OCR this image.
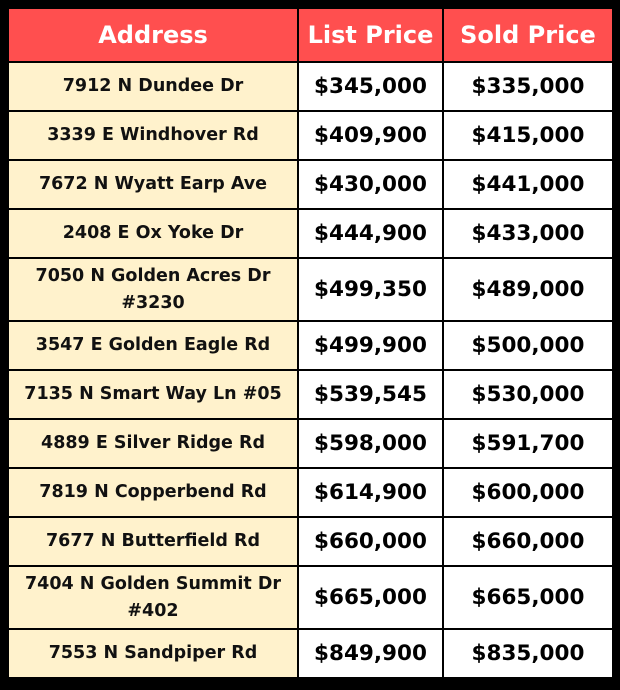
Address	List Price	Sold Price
7912 N Dundee Dr	$345,000	$335,000
3339 E Windhover Rd	$409,900	$415,000
7672 N Wyatt Earp Ave	$430,000	$441,000
2408 E Ox Yoke Dr	$444,900	$433,000
7050 N Golden Acres Dr #3230	$499,350	$489,000
3547 E Golden Eagle Rd	$499,900	$500,000
7135 N Smart Way Ln #05	$539,545	$530,000
4889 E Silver Ridge Rd	$598,000	$591,700
7819 N Copperbend Rd	$614,900	$600,000
7677 N Butterfield Rd	$660,000	$660,000
7404 N Golden Summit Dr #402	$665,000	$665,000
7553 N Sandpiper Rd	$849,900	$835,000
